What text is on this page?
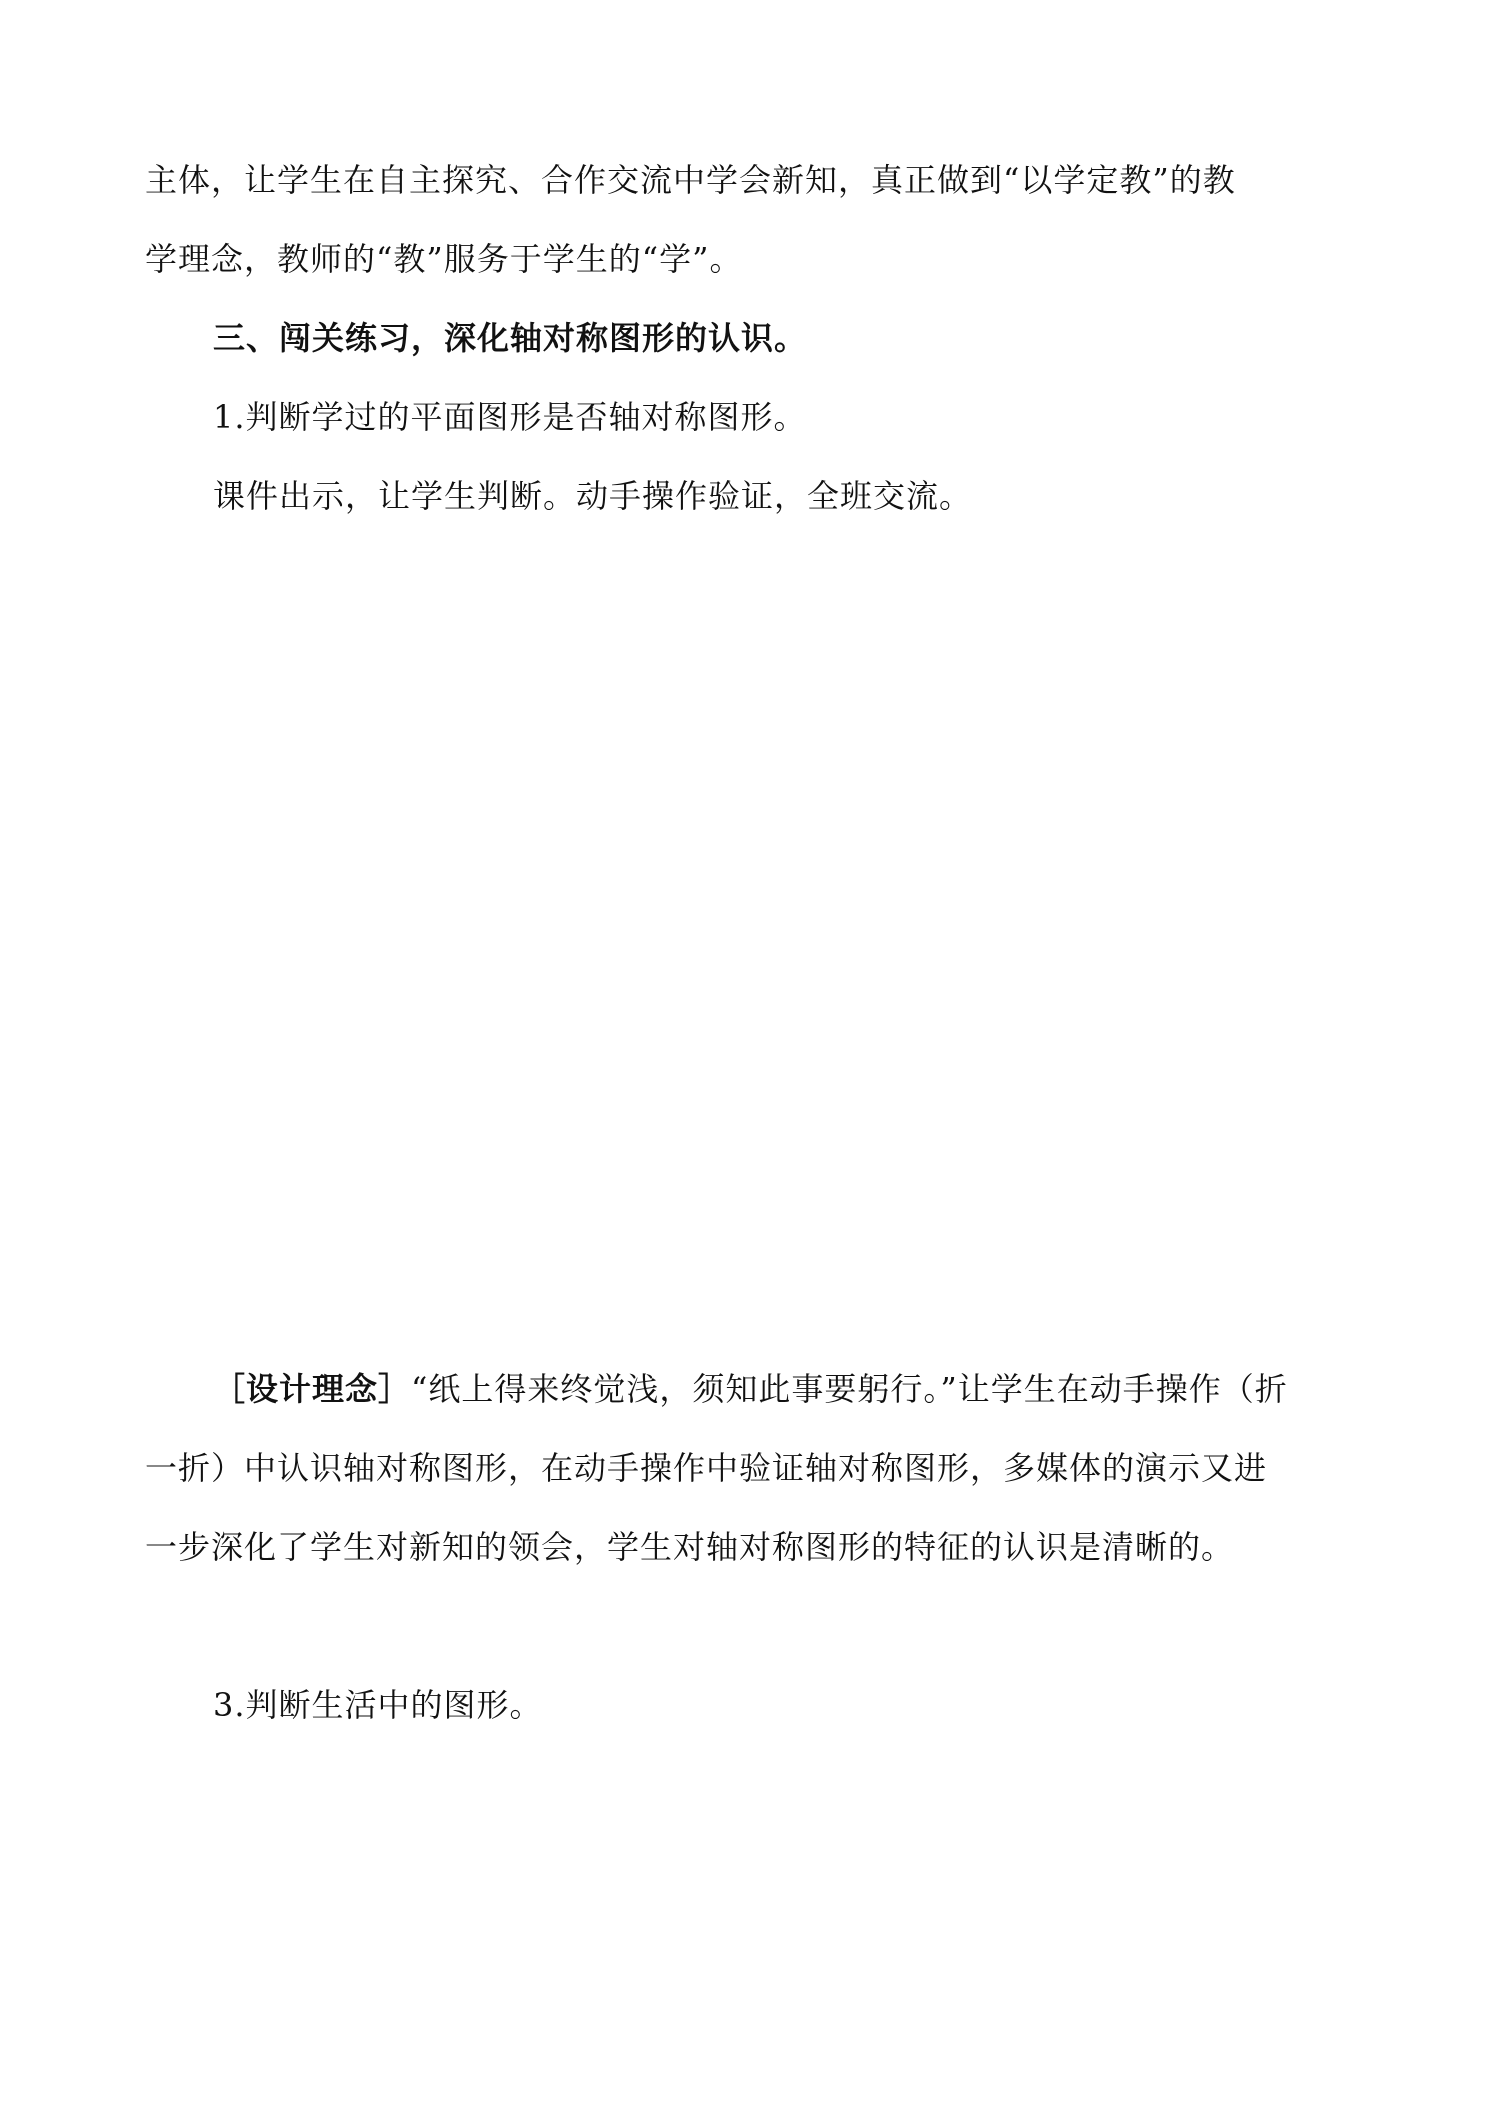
主体，让学生在自主探究、合作交流中学会新知，真正做到“以学定教”的教
学理念，教师的“教”服务于学生的“学”。
三、闯关练习，深化轴对称图形的认识。
1.判断学过的平面图形是否轴对称图形。
课件出示，让学生判断。动手操作验证，全班交流。
［设计理念］“纸上得来终觉浅，须知此事要躬行。”让学生在动手操作（折
一折）中认识轴对称图形，在动手操作中验证轴对称图形，多媒体的演示又进
一步深化了学生对新知的领会，学生对轴对称图形的特征的认识是清晰的。
3.判断生活中的图形。
